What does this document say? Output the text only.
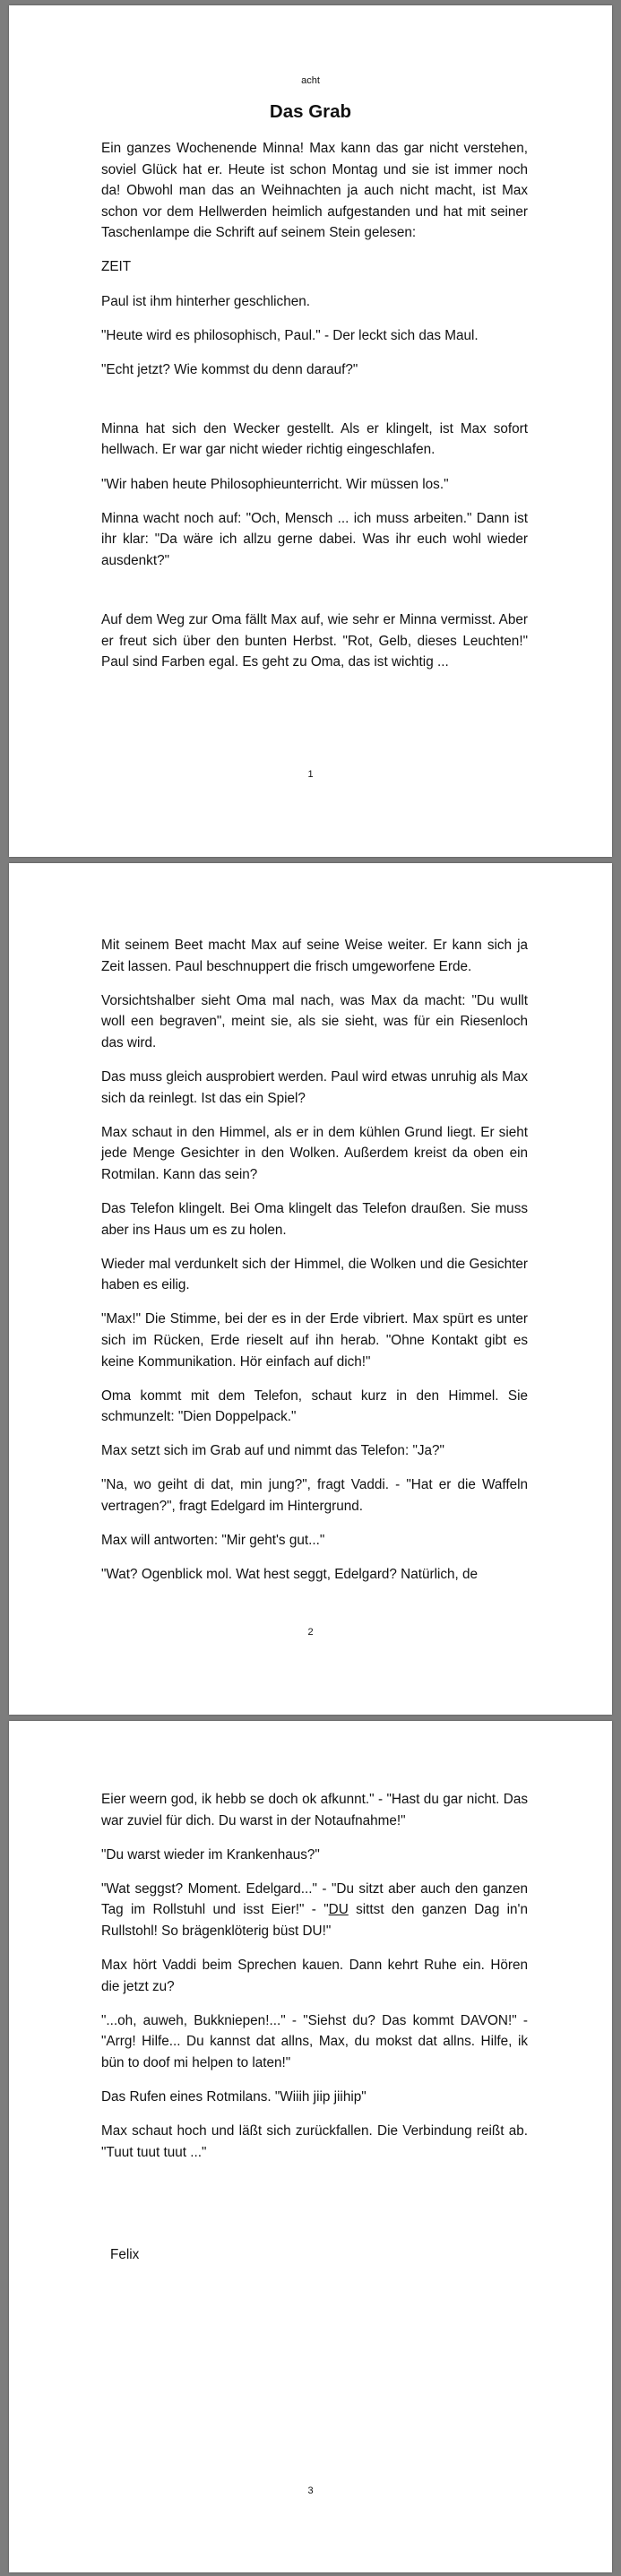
acht
Das Grab

Ein ganzes Wochenende Minna! Max kann das gar nicht verstehen, soviel Glück hat er. Heute ist schon Montag und sie ist immer noch da! Obwohl man das an Weihnachten ja auch nicht macht, ist Max schon vor dem Hellwerden heimlich aufgestanden und hat mit seiner Taschenlampe die Schrift auf seinem Stein gelesen:

ZEIT

Paul ist ihm hinterher geschlichen.

"Heute wird es philosophisch, Paul." - Der leckt sich das Maul.

"Echt jetzt? Wie kommst du denn darauf?"

Minna hat sich den Wecker gestellt. Als er klingelt, ist Max sofort hellwach. Er war gar nicht wieder richtig eingeschlafen.

"Wir haben heute Philosophieunterricht. Wir müssen los."

Minna wacht noch auf: "Och, Mensch ... ich muss arbeiten." Dann ist ihr klar: "Da wäre ich allzu gerne dabei. Was ihr euch wohl wieder ausdenkt?"

Auf dem Weg zur Oma fällt Max auf, wie sehr er Minna vermisst. Aber er freut sich über den bunten Herbst. "Rot, Gelb, dieses Leuchten!" Paul sind Farben egal. Es geht zu Oma, das ist wichtig ...

1

Mit seinem Beet macht Max auf seine Weise weiter. Er kann sich ja Zeit lassen. Paul beschnuppert die frisch umgeworfene Erde.

Vorsichtshalber sieht Oma mal nach, was Max da macht: "Du wullt woll een begraven", meint sie, als sie sieht, was für ein Riesenloch das wird.

Das muss gleich ausprobiert werden. Paul wird etwas unruhig als Max sich da reinlegt. Ist das ein Spiel?

Max schaut in den Himmel, als er in dem kühlen Grund liegt. Er sieht jede Menge Gesichter in den Wolken. Außerdem kreist da oben ein Rotmilan. Kann das sein?

Das Telefon klingelt. Bei Oma klingelt das Telefon draußen. Sie muss aber ins Haus um es zu holen.

Wieder mal verdunkelt sich der Himmel, die Wolken und die Gesichter haben es eilig.

"Max!" Die Stimme, bei der es in der Erde vibriert. Max spürt es unter sich im Rücken, Erde rieselt auf ihn herab. "Ohne Kontakt gibt es keine Kommunikation. Hör einfach auf dich!"

Oma kommt mit dem Telefon, schaut kurz in den Himmel. Sie schmunzelt: "Dien Doppelpack."

Max setzt sich im Grab auf und nimmt das Telefon: "Ja?"

"Na, wo geiht di dat, min jung?", fragt Vaddi. - "Hat er die Waffeln vertragen?", fragt Edelgard im Hintergrund.

Max will antworten: "Mir geht's gut..."

"Wat? Ogenblick mol. Wat hest seggt, Edelgard? Natürlich, de

2

Eier weern god, ik hebb se doch ok afkunnt." - "Hast du gar nicht. Das war zuviel für dich. Du warst in der Notaufnahme!"

"Du warst wieder im Krankenhaus?"

"Wat seggst? Moment. Edelgard..." - "Du sitzt aber auch den ganzen Tag im Rollstuhl und isst Eier!" - "DU sittst den ganzen Dag in'n Rullstohl! So brägenklöterig büst DU!"

Max hört Vaddi beim Sprechen kauen. Dann kehrt Ruhe ein. Hören die jetzt zu?

"...oh, auweh, Bukkniepen!..." - "Siehst du? Das kommt DAVON!" - "Arrg! Hilfe... Du kannst dat allns, Max, du mokst dat allns. Hilfe, ik bün to doof mi helpen to laten!"

Das Rufen eines Rotmilans. "Wiiih jiip jiihip"

Max schaut hoch und läßt sich zurückfallen. Die Verbindung reißt ab. "Tuut tuut tuut ..."

Felix
3
